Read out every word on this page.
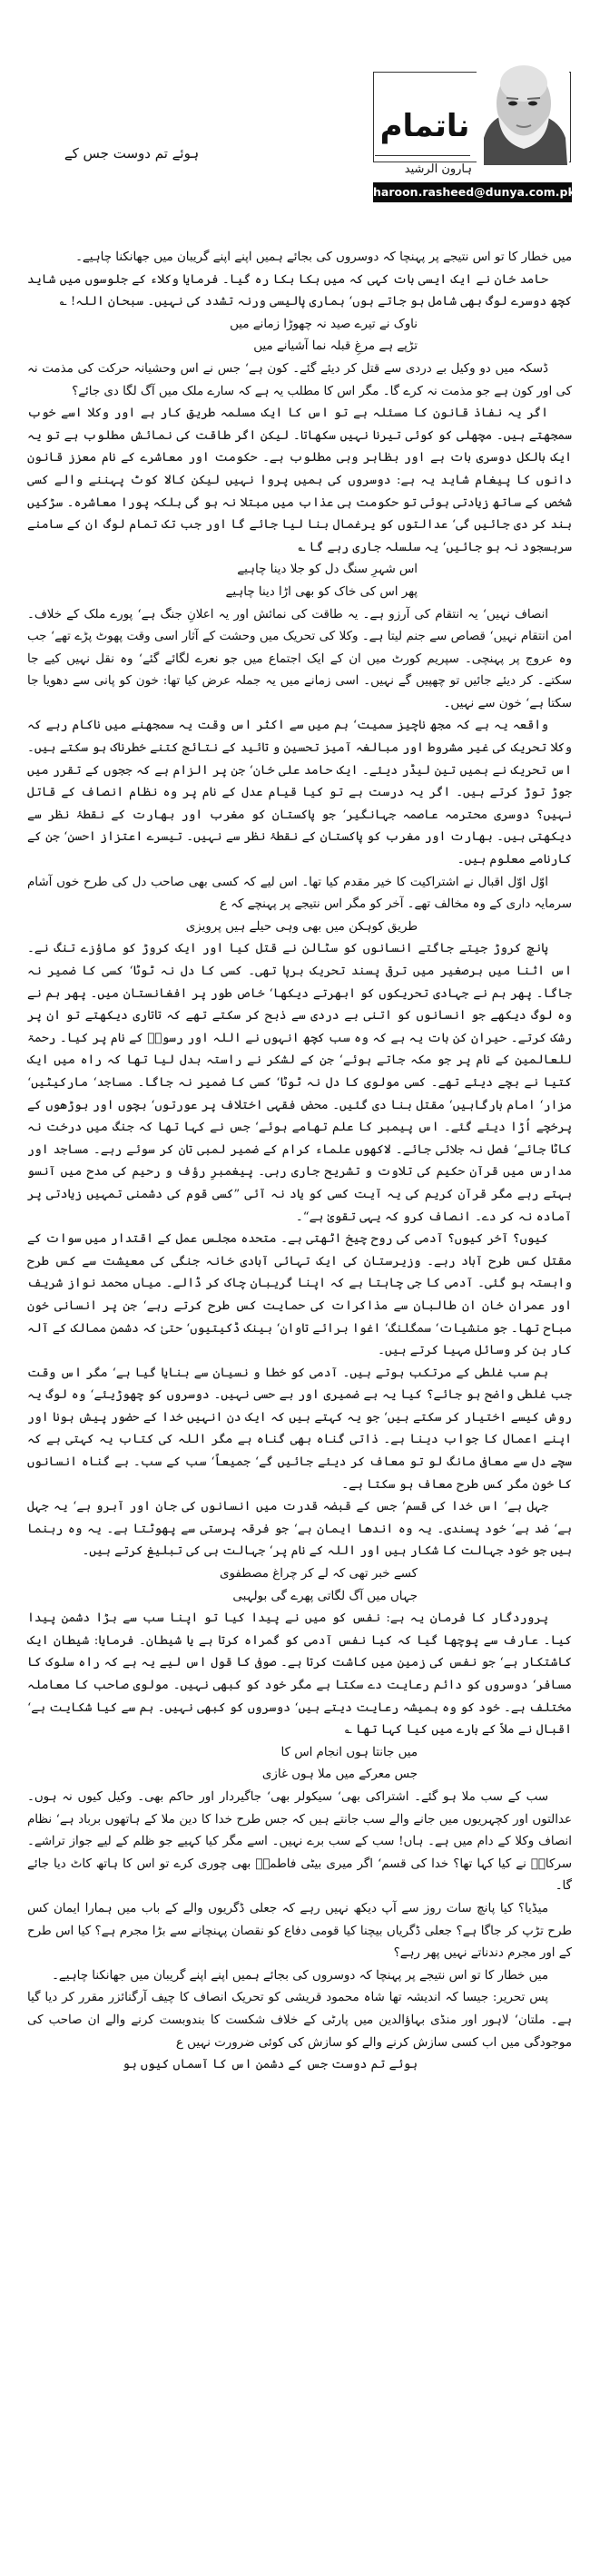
ناتمام
ہارون الرشید
haroon.rasheed@dunya.com.pk
ہوئے تم دوست جس کے

میں خطار کا تو اس نتیجے پر پہنچا کہ دوسروں کی بجائے ہمیں اپنے اپنے گریبان میں جھانکنا چاہیے۔

حامد خان نے ایک ایسی بات کہی کہ میں ہکا بکا رہ گیا۔ فرمایا وکلاء کے جلوسوں میں شاید کچھ دوسرے لوگ بھی شامل ہو جاتے ہوں‘ ہماری پالیسی ورنہ تشدد کی نہیں۔ سبحان اللہ! ؎

ناوک نے تیرے صید نہ چھوڑا زمانے میں
تڑپے ہے مرغِ قبلہ نما آشیانے میں

ڈسکہ میں دو وکیل بے دردی سے قتل کر دیئے گئے۔ کون ہے‘ جس نے اس وحشیانہ حرکت کی مذمت نہ کی اور کون ہے جو مذمت نہ کرے گا۔ مگر اس کا مطلب یہ ہے کہ سارے ملک میں آگ لگا دی جائے؟

اگر یہ نفاذ قانون کا مسئلہ ہے تو اس کا ایک مسلمہ طریق کار ہے اور وکلا اسے خوب سمجھتے ہیں۔ مچھلی کو کوئی تیرنا نہیں سکھاتا۔ لیکن اگر طاقت کی نمائش مطلوب ہے تو یہ ایک بالکل دوسری بات ہے اور بظاہر وہی مطلوب ہے۔ حکومت اور معاشرے کے نام معزز قانون دانوں کا پیغام شاید یہ ہے: دوسروں کی ہمیں پروا نہیں لیکن کالا کوٹ پہننے والے کسی شخص کے ساتھ زیادتی ہوئی تو حکومت ہی عذاب میں مبتلا نہ ہو گی بلکہ پورا معاشرہ۔ سڑکیں بند کر دی جائیں گی‘ عدالتوں کو یرغمال بنا لیا جائے گا اور جب تک تمام لوگ ان کے سامنے سربسجود نہ ہو جائیں‘ یہ سلسلہ جاری رہے گا ؎

اس شہرِ سنگ دل کو جلا دینا چاہیے
پھر اس کی خاک کو بھی اڑا دینا چاہیے

انصاف نہیں‘ یہ انتقام کی آرزو ہے۔ یہ طاقت کی نمائش اور یہ اعلانِ جنگ ہے‘ پورے ملک کے خلاف۔ امن انتقام نہیں‘ قصاص سے جنم لیتا ہے۔ وکلا کی تحریک میں وحشت کے آثار اسی وقت پھوٹ پڑے تھے‘ جب وہ عروج پر پہنچی۔ سپریم کورٹ میں ان کے ایک اجتماع میں جو نعرے لگائے گئے‘ وہ نقل نہیں کیے جا سکتے۔ کر دیئے جائیں تو چھپیں گے نہیں۔ اسی زمانے میں یہ جملہ عرض کیا تھا: خون کو پانی سے دھویا جا سکتا ہے‘ خون سے نہیں۔

واقعہ یہ ہے کہ مجھ ناچیز سمیت‘ ہم میں سے اکثر اس وقت یہ سمجھنے میں ناکام رہے کہ وکلا تحریک کی غیر مشروط اور مبالغہ آمیز تحسین و تائید کے نتائج کتنے خطرناک ہو سکتے ہیں۔ اس تحریک نے ہمیں تین لیڈر دیئے۔ ایک حامد علی خان‘ جن پر الزام ہے کہ ججوں کے تقرر میں جوڑ توڑ کرتے ہیں۔ اگر یہ درست ہے تو کیا قیام عدل کے نام پر وہ نظام انصاف کے قاتل نہیں؟ دوسری محترمہ عاصمہ جہانگیر‘ جو پاکستان کو مغرب اور بھارت کے نقطۂ نظر سے دیکھتی ہیں۔ بھارت اور مغرب کو پاکستان کے نقطۂ نظر سے نہیں۔ تیسرے اعتزاز احسن‘ جن کے کارنامے معلوم ہیں۔

اوّل اوّل اقبال نے اشتراکیت کا خیر مقدم کیا تھا۔ اس لیے کہ کسی بھی صاحب دل کی طرح خوں آشام سرمایہ داری کے وہ مخالف تھے۔ آخر کو مگر اس نتیجے پر پہنچے کہ ع

طریق کوہکن میں بھی وہی حیلے ہیں پرویزی

پانچ کروڑ جیتے جاگتے انسانوں کو سٹالن نے قتل کیا اور ایک کروڑ کو ماؤزے تنگ نے۔ اس اثنا میں برصغیر میں ترقی پسند تحریک برپا تھی۔ کسی کا دل نہ ٹوٹا‘ کسی کا ضمیر نہ جاگا۔ پھر ہم نے جہادی تحریکوں کو ابھرتے دیکھا‘ خاص طور پر افغانستان میں۔ پھر ہم نے وہ لوگ دیکھے جو انسانوں کو اتنی بے دردی سے ذبح کر سکتے تھے کہ تاتاری دیکھتے تو ان پر رشک کرتے۔ حیران کن بات یہ ہے کہ وہ سب کچھ انہوں نے اللہ اور رسولؐ کے نام پر کیا۔ رحمۃ للعالمین کے نام پر جو مکہ جاتے ہوئے‘ جن کے لشکر نے راستہ بدل لیا تھا کہ راہ میں ایک کتیا نے بچے دیئے تھے۔ کسی مولوی کا دل نہ ٹوٹا‘ کسی کا ضمیر نہ جاگا۔ مساجد‘ مارکیٹیں‘ مزار‘ امام بارگاہیں‘ مقتل بنا دی گئیں۔ محض فقہی اختلاف پر عورتوں‘ بچوں اور بوڑھوں کے پرخچے اُڑا دیئے گئے۔ اس پیمبر کا علم تھامے ہوئے‘ جس نے کہا تھا کہ جنگ میں درخت نہ کاٹا جائے‘ فصل نہ جلائی جائے۔ لاکھوں علماء کرام کے ضمیر لمبی تان کر سوئے رہے۔ مساجد اور مدارس میں قرآن حکیم کی تلاوت و تشریح جاری رہی۔ پیغمبرِ رؤف و رحیم کی مدح میں آنسو بہتے رہے مگر قرآن کریم کی یہ آیت کسی کو یاد نہ آئی ”کسی قوم کی دشمنی تمہیں زیادتی پر آمادہ نہ کر دے۔ انصاف کرو کہ یہی تقویٰ ہے“۔

کیوں؟ آخر کیوں؟ آدمی کی روح چیخ اٹھتی ہے۔ متحدہ مجلس عمل کے اقتدار میں سوات کے مقتل کس طرح آباد رہے۔ وزیرستان کی ایک تہائی آبادی خانہ جنگی کی معیشت سے کس طرح وابستہ ہو گئی۔ آدمی کا جی چاہتا ہے کہ اپنا گریبان چاک کر ڈالے۔ میاں محمد نواز شریف اور عمران خان ان طالبان سے مذاکرات کی حمایت کس طرح کرتے رہے‘ جن پر انسانی خون مباح تھا۔ جو منشیات‘ سمگلنگ‘ اغوا برائے تاوان‘ بینک ڈکیتیوں‘ حتیٰ کہ دشمن ممالک کے آلہ کار بن کر وسائل مہیا کرتے ہیں۔

ہم سب غلطی کے مرتکب ہوتے ہیں۔ آدمی کو خطا و نسیان سے بنایا گیا ہے‘ مگر اس وقت جب غلطی واضح ہو جائے؟ کیا یہ بے ضمیری اور بے حسی نہیں۔ دوسروں کو چھوڑیئے‘ وہ لوگ یہ روش کیسے اختیار کر سکتے ہیں‘ جو یہ کہتے ہیں کہ ایک دن انہیں خدا کے حضور پیش ہونا اور اپنے اعمال کا جواب دینا ہے۔ ذاتی گناہ بھی گناہ ہے مگر اللہ کی کتاب یہ کہتی ہے کہ سچے دل سے معافی مانگ لو تو معاف کر دیئے جائیں گے‘ جمیعاً‘ سب کے سب۔ بے گناہ انسانوں کا خون مگر کس طرح معاف ہو سکتا ہے۔

جہل ہے‘ اس خدا کی قسم‘ جس کے قبضہ قدرت میں انسانوں کی جان اور آبرو ہے‘ یہ جہل ہے‘ ضد ہے‘ خود پسندی۔ یہ وہ اندھا ایمان ہے‘ جو فرقہ پرستی سے پھوٹتا ہے۔ یہ وہ رہنما ہیں جو خود جہالت کا شکار ہیں اور اللہ کے نام پر‘ جہالت ہی کی تبلیغ کرتے ہیں۔

کسے خبر تھی کہ لے کر چراغ مصطفوی
جہاں میں آگ لگاتی پھرے گی بولہبی

پروردگار کا فرمان یہ ہے: نفس کو میں نے پیدا کیا تو اپنا سب سے بڑا دشمن پیدا کیا۔ عارف سے پوچھا گیا کہ کیا نفس آدمی کو گمراہ کرتا ہے یا شیطان۔ فرمایا: شیطان ایک کاشتکار ہے‘ جو نفس کی زمین میں کاشت کرتا ہے۔ صوفی کا قول اس لیے یہ ہے کہ راہ سلوک کا مسافر‘ دوسروں کو دائم رعایت دے سکتا ہے مگر خود کو کبھی نہیں۔ مولوی صاحب کا معاملہ مختلف ہے۔ خود کو وہ ہمیشہ رعایت دیتے ہیں‘ دوسروں کو کبھی نہیں۔ ہم سے کیا شکایت ہے‘ اقبال نے ملاّ کے بارے میں کیا کہا تھا ؎

میں جانتا ہوں انجام اس کا
جس معرکے میں ملا ہوں غازی

سب کے سب ملا ہو گئے۔ اشتراکی بھی‘ سیکولر بھی‘ جاگیردار اور حاکم بھی۔ وکیل کیوں نہ ہوں۔ عدالتوں اور کچہریوں میں جانے والے سب جانتے ہیں کہ جس طرح خدا کا دین ملا کے ہاتھوں برباد ہے‘ نظام انصاف وکلا کے دام میں ہے۔ ہاں! سب کے سب برے نہیں۔ اسے مگر کیا کہیے جو ظلم کے لیے جواز تراشے۔ سرکارؐ نے کیا کہا تھا؟ خدا کی قسم‘ اگر میری بیٹی فاطمہؓ بھی چوری کرے تو اس کا ہاتھ کاٹ دیا جائے گا۔

میڈیا؟ کیا پانچ سات روز سے آپ دیکھ نہیں رہے کہ جعلی ڈگریوں والے کے باب میں ہمارا ایمان کس طرح تڑپ کر جاگا ہے؟ جعلی ڈگریاں بیچنا کیا قومی دفاع کو نقصان پہنچانے سے بڑا مجرم ہے؟ کیا اس طرح کے اور مجرم دندناتے نہیں پھر رہے؟

میں خطار کا تو اس نتیجے پر پہنچا کہ دوسروں کی بجائے ہمیں اپنے اپنے گریبان میں جھانکنا چاہیے۔

پس تحریر: جیسا کہ اندیشہ تھا شاہ محمود قریشی کو تحریک انصاف کا چیف آرگنائزر مقرر کر دیا گیا ہے۔ ملتان‘ لاہور اور منڈی بہاؤالدین میں پارٹی کے خلاف شکست کا بندوبست کرنے والے ان صاحب کی موجودگی میں اب کسی سازش کرنے والے کو سازش کی کوئی ضرورت نہیں ع

ہوئے تم دوست جس کے دشمن اس کا آسماں کیوں ہو
